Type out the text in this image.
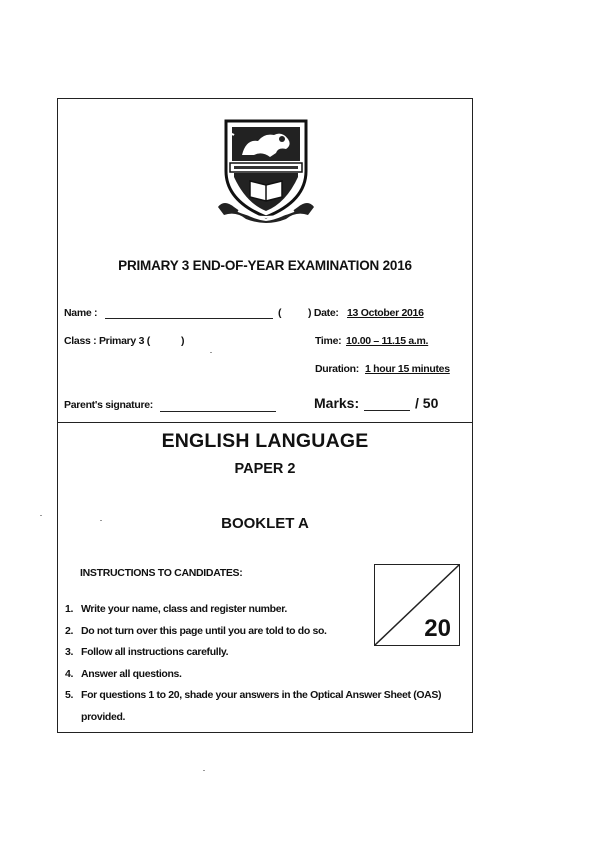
PRIMARY 3 END-OF-YEAR EXAMINATION 2016
Name :	(	) Date: 13 October 2016
Class : Primary 3 (	)	Time: 10.00 – 11.15 a.m.
Duration: 1 hour 15 minutes
Parent's signature:	Marks:	/ 50
ENGLISH LANGUAGE
PAPER 2
BOOKLET A
INSTRUCTIONS TO CANDIDATES:
20
1. Write your name, class and register number.
2. Do not turn over this page until you are told to do so.
3. Follow all instructions carefully.
4. Answer all questions.
5. For questions 1 to 20, shade your answers in the Optical Answer Sheet (OAS) provided.
